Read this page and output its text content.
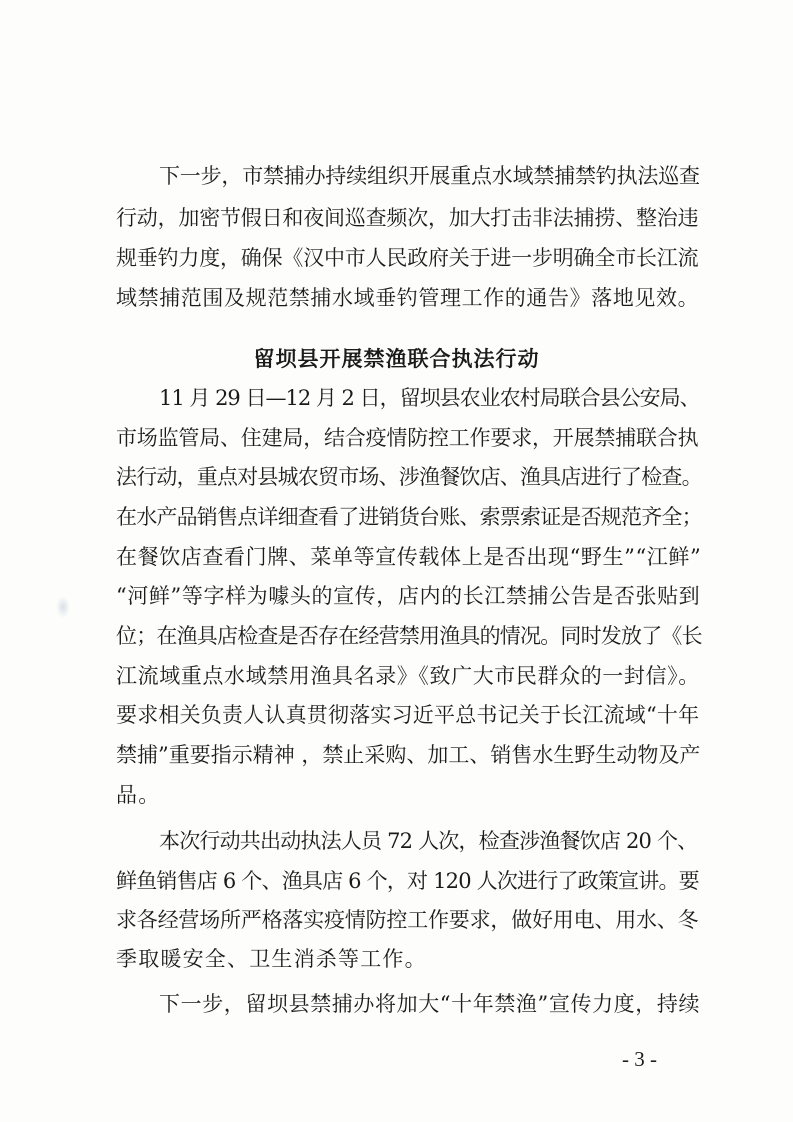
下一步，市禁捕办持续组织开展重点水域禁捕禁钓执法巡查
行动，加密节假日和夜间巡查频次，加大打击非法捕捞、整治违
规垂钓力度，确保《汉中市人民政府关于进一步明确全市长江流
域禁捕范围及规范禁捕水域垂钓管理工作的通告》落地见效。
留坝县开展禁渔联合执法行动
11 月 29 日—12 月 2 日，留坝县农业农村局联合县公安局、
市场监管局、住建局，结合疫情防控工作要求，开展禁捕联合执
法行动，重点对县城农贸市场、涉渔餐饮店、渔具店进行了检查。
在水产品销售点详细查看了进销货台账、索票索证是否规范齐全；
在餐饮店查看门牌、菜单等宣传载体上是否出现“野生”“江鲜”
“河鲜”等字样为噱头的宣传，店内的长江禁捕公告是否张贴到
位；在渔具店检查是否存在经营禁用渔具的情况。同时发放了《长
江流域重点水域禁用渔具名录》《致广大市民群众的一封信》。
要求相关负责人认真贯彻落实习近平总书记关于长江流域“十年
禁捕”重要指示精神 ，禁止采购、加工、销售水生野生动物及产
品。
本次行动共出动执法人员 72 人次，检查涉渔餐饮店 20 个、
鲜鱼销售店 6 个、渔具店 6 个，对 120 人次进行了政策宣讲。要
求各经营场所严格落实疫情防控工作要求，做好用电、用水、冬
季取暖安全、卫生消杀等工作。
下一步，留坝县禁捕办将加大“十年禁渔”宣传力度，持续
- 3 -
